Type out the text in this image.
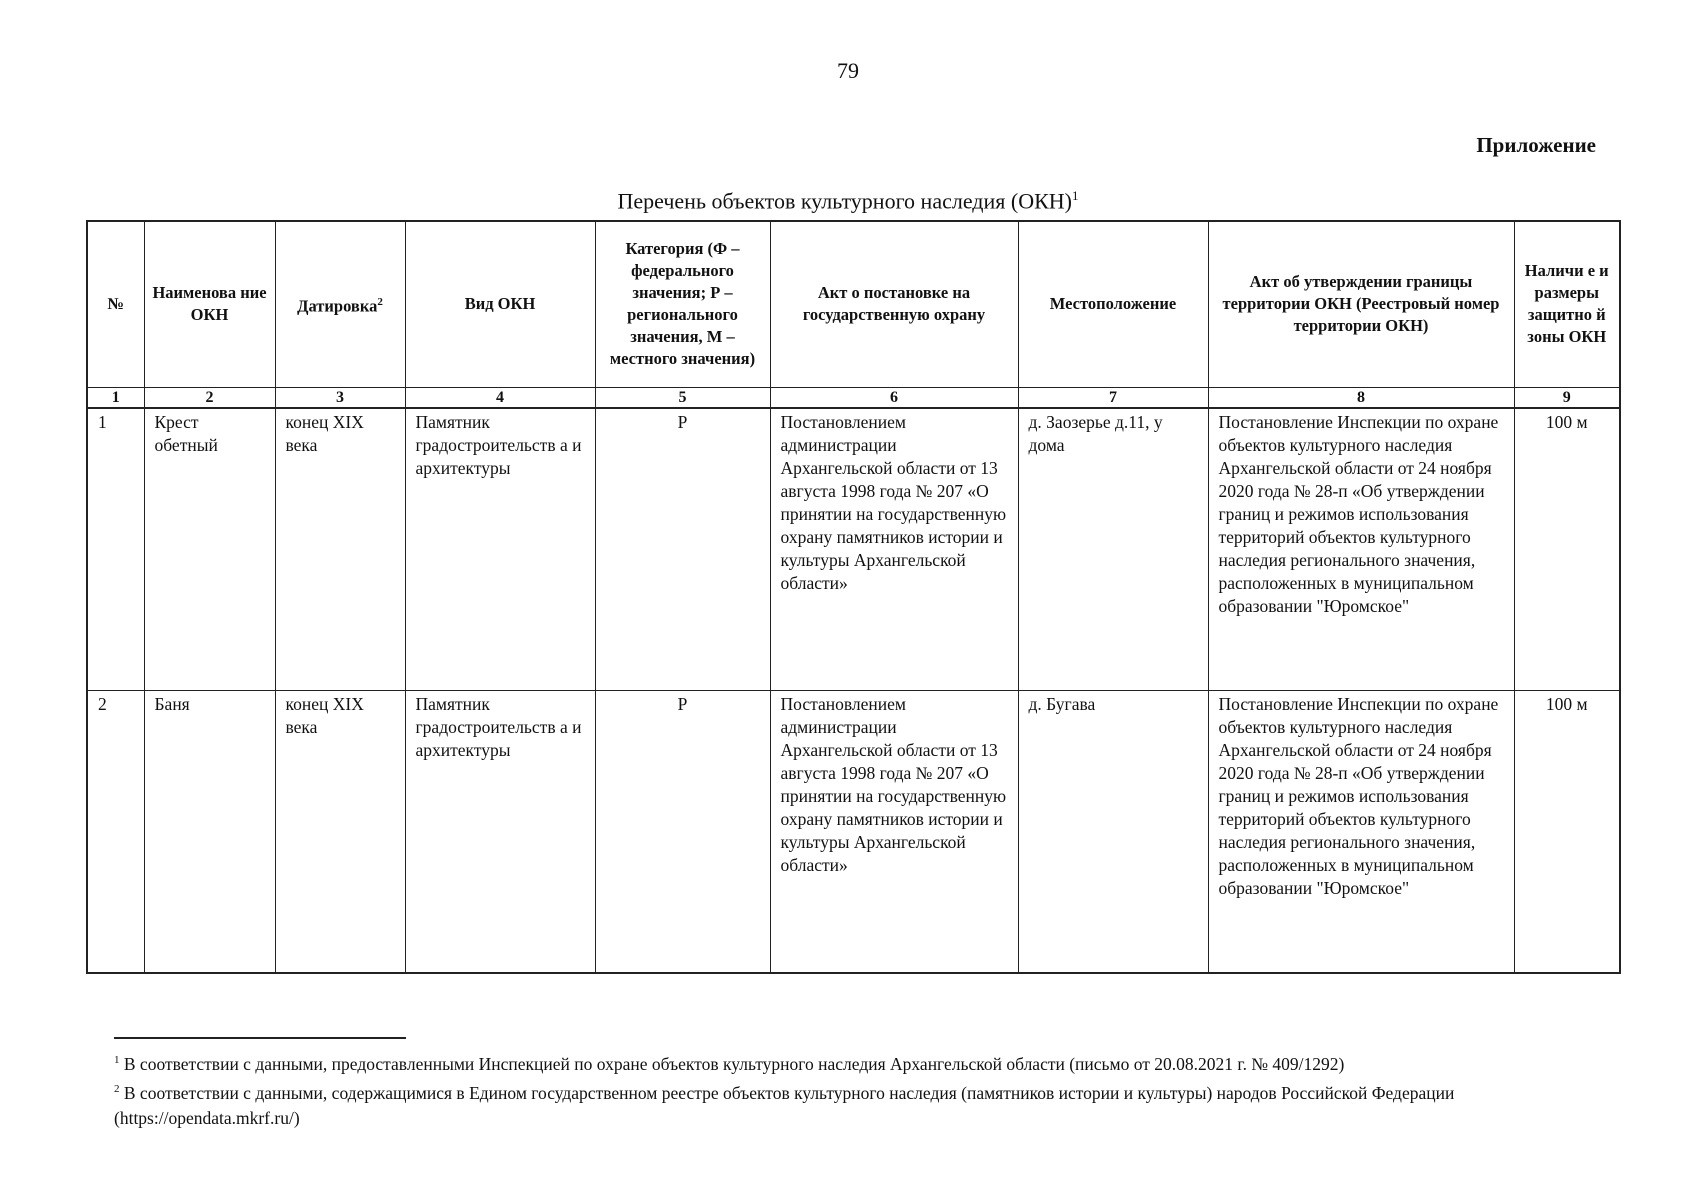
79
Приложение
Перечень объектов культурного наследия (ОКН)$^1$
№	Наименова ние ОКН	Датировка$^2$	Вид ОКН	Категория (Ф – федерального значения; Р – регионального значения, М – местного значения)	Акт о постановке на государственную охрану	Местоположение	Акт об утверждении границы территории ОКН (Реестровый номер территории ОКН)	Наличи е и размеры защитно й зоны ОКН
1	2	3	4	5	6	7	8	9
1	Крест обетный	конец XIX века	Памятник градостроительств а и архитектуры	Р	Постановлением администрации Архангельской области от 13 августа 1998 года № 207 «О принятии на государственную охрану памятников истории и культуры Архангельской области»	д. Заозерье д.11, у дома	Постановление Инспекции по охране объектов культурного наследия Архангельской области от 24 ноября 2020 года № 28-п «Об утверждении границ и режимов использования территорий объектов культурного наследия регионального значения, расположенных в муниципальном образовании "Юромское"	100 м
2	Баня	конец XIX века	Памятник градостроительств а и архитектуры	Р	Постановлением администрации Архангельской области от 13 августа 1998 года № 207 «О принятии на государственную охрану памятников истории и культуры Архангельской области»	д. Бугава	Постановление Инспекции по охране объектов культурного наследия Архангельской области от 24 ноября 2020 года № 28-п «Об утверждении границ и режимов использования территорий объектов культурного наследия регионального значения, расположенных в муниципальном образовании "Юромское"	100 м

$^1$ В соответствии с данными, предоставленными Инспекцией по охране объектов культурного наследия Архангельской области (письмо от 20.08.2021 г. № 409/1292)

$^2$ В соответствии с данными, содержащимися в Едином государственном реестре объектов культурного наследия (памятников истории и культуры) народов Российской Федерации (https://opendata.mkrf.ru/)
